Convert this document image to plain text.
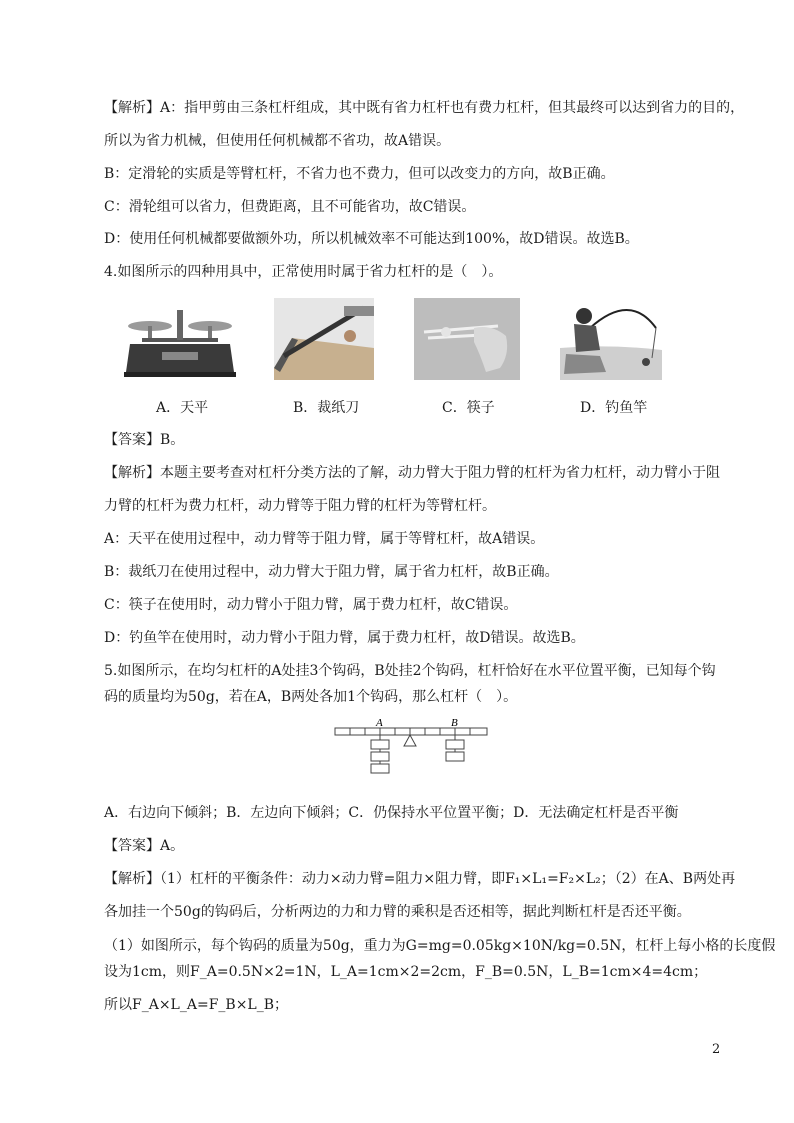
【解析】A：指甲剪由三条杠杆组成，其中既有省力杠杆也有费力杠杆，但其最终可以达到省力的目的，
所以为省力机械，但使用任何机械都不省功，故A错误。
B：定滑轮的实质是等臂杠杆，不省力也不费力，但可以改变力的方向，故B正确。
C：滑轮组可以省力，但费距离，且不可能省功，故C错误。
D：使用任何机械都要做额外功，所以机械效率不可能达到100%，故D错误。故选B。
4.如图所示的四种用具中，正常使用时属于省力杠杆的是（　）。
A．天平	B．裁纸刀	C．筷子	D．钓鱼竿
【答案】B。
【解析】本题主要考查对杠杆分类方法的了解，动力臂大于阻力臂的杠杆为省力杠杆，动力臂小于阻
力臂的杠杆为费力杠杆，动力臂等于阻力臂的杠杆为等臂杠杆。
A：天平在使用过程中，动力臂等于阻力臂，属于等臂杠杆，故A错误。
B：裁纸刀在使用过程中，动力臂大于阻力臂，属于省力杠杆，故B正确。
C：筷子在使用时，动力臂小于阻力臂，属于费力杠杆，故C错误。
D：钓鱼竿在使用时，动力臂小于阻力臂，属于费力杠杆，故D错误。故选B。
5.如图所示，在均匀杠杆的A处挂3个钩码，B处挂2个钩码，杠杆恰好在水平位置平衡，已知每个钩
码的质量均为50g，若在A，B两处各加1个钩码，那么杠杆（　）。
A	B
A．右边向下倾斜；B．左边向下倾斜；C．仍保持水平位置平衡；D．无法确定杠杆是否平衡
【答案】A。
【解析】（1）杠杆的平衡条件：动力×动力臂=阻力×阻力臂，即F₁×L₁=F₂×L₂；（2）在A、B两处再
各加挂一个50g的钩码后，分析两边的力和力臂的乘积是否还相等，据此判断杠杆是否还平衡。
（1）如图所示，每个钩码的质量为50g，重力为G=mg=0.05kg×10N/kg=0.5N，杠杆上每小格的长度假
设为1cm，则F_A=0.5N×2=1N，L_A=1cm×2=2cm，F_B=0.5N，L_B=1cm×4=4cm；
所以F_A×L_A=F_B×L_B；
2
